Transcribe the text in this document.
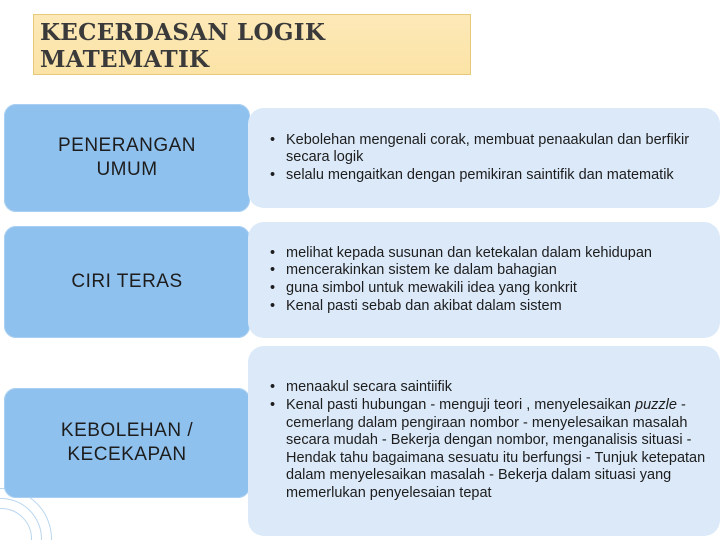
KECERDASAN LOGIK
MATEMATIK
PENERANGAN
UMUM
• Kebolehan mengenali corak, membuat penaakulan dan berfikir secara logik
• selalu mengaitkan dengan pemikiran saintifik dan matematik
CIRI TERAS
• melihat kepada susunan dan ketekalan dalam kehidupan
• mencerakinkan sistem ke dalam bahagian
• guna simbol untuk mewakili idea yang konkrit
• Kenal pasti sebab dan akibat dalam sistem
KEBOLEHAN /
KECEKAPAN
• menaakul secara saintiifik
• Kenal pasti hubungan - menguji teori , menyelesaikan puzzle - cemerlang dalam pengiraan nombor - menyelesaikan masalah secara mudah - Bekerja dengan nombor, menganalisis situasi - Hendak tahu bagaimana sesuatu itu berfungsi - Tunjuk ketepatan dalam menyelesaikan masalah - Bekerja dalam situasi yang memerlukan penyelesaian tepat
